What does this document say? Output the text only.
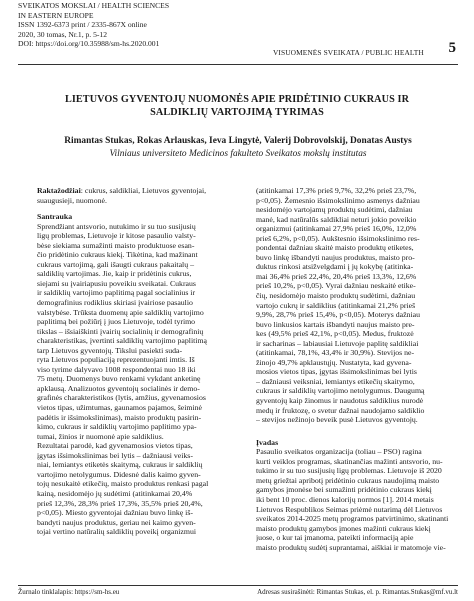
SVEIKATOS MOKSLAI / HEALTH SCIENCES
IN EASTERN EUROPE
ISSN 1392-6373 print / 2335-867X online
2020, 30 tomas, Nr.1, p. 5-12
DOI: https://doi.org/10.35988/sm-hs.2020.001
VISUOMENĖS SVEIKATA / PUBLIC HEALTH 5
LIETUVOS GYVENTOJŲ NUOMONĖS APIE PRIDĖTINIO CUKRAUS IR
SALDIKLIŲ VARTOJIMĄ TYRIMAS
Rimantas Stukas, Rokas Arlauskas, Ieva Lingytė, Valerij Dobrovolskij, Donatas Austys
Vilniaus universiteto Medicinos fakulteto Sveikatos mokslų institutas
Raktažodžiai: cukrus, saldikliai, Lietuvos gyventojai,
suaugusieji, nuomonė.
Santrauka
Sprendžiant antsvorio, nutukimo ir su tuo susijusių
ligų problemas, Lietuvoje ir kitose pasaulio valsty-
bėse siekiama sumažinti maisto produktuose esan-
čio pridėtinio cukraus kiekį. Tikėtina, kad mažinant
cukraus vartojimą, gali išaugti cukraus pakaitalų –
saldiklių vartojimas. Jie, kaip ir pridėtinis cukrus,
siejami su įvairiapusiu poveikiu sveikatai. Cukraus
ir saldiklių vartojimo paplitimą pagal socialinius ir
demografinius rodiklius skiriasi įvairiose pasaulio
valstybėse. Trūksta duomenų apie saldiklių vartojimo
paplitimą bei požiūrį į juos Lietuvoje, todėl tyrimo
tikslas – išsiaiškinti įvairių socialinių ir demografinių
charakteristikas, įvertinti saldiklių vartojimo paplitimą
tarp Lietuvos gyventojų. Tikslui pasiekti suda-
ryta Lietuvos populiaciją reprezentuojanti imtis. Iš
viso tyrime dalyvavo 1008 respondentai nuo 18 iki
75 metų. Duomenys buvo renkami vykdant anketinę
apklausą. Analizuotos gyventojų socialinės ir demo-
grafinės charakteristikos (lytis, amžius, gyvenamosios
vietos tipas, užimtumas, gaunamos pajamos, šeiminė
padėtis ir išsimokslinimas), maisto produktų pasirin-
kimo, cukraus ir saldiklių vartojimo paplitimo ypa-
tumai, žinios ir nuomonė apie saldiklius.
Rezultatai parodė, kad gyvenamosios vietos tipas,
įgytas išsimokslinimas bei lytis – dažniausi veiks-
niai, lemiantys etiketės skaitymą, cukraus ir saldiklių
vartojimo netolygumus. Didesnė dalis kaimo gyven-
tojų nesukaitė etikečių, maisto produktus renkasi pagal
kainą, nesidomėjo jų sudėtimi (atitinkamai 20,4%
prieš 12,3%, 28,3% prieš 17,3%, 35,5% prieš 20,4%,
p<0,05). Miesto gyventojai dažniau buvo linkę iš-
bandyti naujus produktus, geriau nei kaimo gyven-
tojai vertino natūralių saldiklių poveikį organizmui
(atitinkamai 17,3% prieš 9,7%, 32,2% prieš 23,7%,
p<0,05). Žemesnio išsimokslinimo asmenys dažniau
nesidomėjo vartojamų produktų sudėtimi, dažniau
manė, kad natūralūs saldikliai neturi jokio poveikio
organizmui (atitinkamai 27,9% prieš 16,0%, 12,0%
prieš 6,2%, p<0,05). Aukštesnio išsimokslinimo res-
pondentai dažniau skaitė maisto produktų etiketes,
buvo linkę išbandyti naujus produktus, maisto pro-
duktus rinkosi atsižvelgdami į jų kokybę (atitinka-
mai 36,4% prieš 22,4%, 20,4% prieš 13,3%, 12,6%
prieš 10,2%, p<0,05). Vyrai dažniau neskaitė etike-
čių, nesidomėjo maisto produktų sudėtimi, dažniau
vartojo cukrų ir saldiklius (atitinkamai 21,2% prieš
9,9%, 28,7% prieš 15,4%, p<0,05). Moterys dažniau
buvo linkusios kartais išbandyti naujus maisto pre-
kes (49,5% prieš 42,1%, p<0,05). Medus, fruktozė
ir sacharinas – labiausiai Lietuvoje paplitę saldikliai
(atitinkamai, 78,1%, 43,4% ir 30,9%). Stevijos ne-
žinojo 49,7% apklaustųjų. Nustatyta, kad gyvena-
mosios vietos tipas, įgytas išsimokslinimas bei lytis
– dažniausi veiksniai, lemiantys etikečių skaitymo,
cukraus ir saldiklių vartojimo netolygumus. Daugumą
gyventojų kaip žinomus ir naudotus saldiklius nurodė
medų ir fruktozę, o svetur dažnai naudojamo saldiklio
– stevijos nežinojo beveik pusė Lietuvos gyventojų.
Įvadas
Pasaulio sveikatos organizacija (toliau – PSO) ragina
kurti veiklos programas, skatinančias mažinti antsvorio, nu-
tukimo ir su tuo susijusių ligų problemas. Lietuvoje iš 2020
metų griežtai apribotį pridėtinio cukraus naudojimą maisto
gamybos įmonėse bei sumažinti pridėtinio cukraus kiekį
iki bent 10 proc. dienos kalorijų normos [1]. 2014 metais
Lietuvos Respublikos Seimas priėmė nutarimą dėl Lietuvos
sveikatos 2014-2025 metų programos patvirtinimo, skatinanti
maisto produktų gamybos įmones mažinti cukraus kiekį
juose, o kur tai įmanoma, pateikti informaciją apie
maisto produktų sudėtį suprantamai, aiškiai ir matomoje vie-
Žurnalo tinklalapis: https://sm-hs.eu	Adresas susirašinėti: Rimantas Stukas, el. p. Rimantas.Stukas@mf.vu.lt
